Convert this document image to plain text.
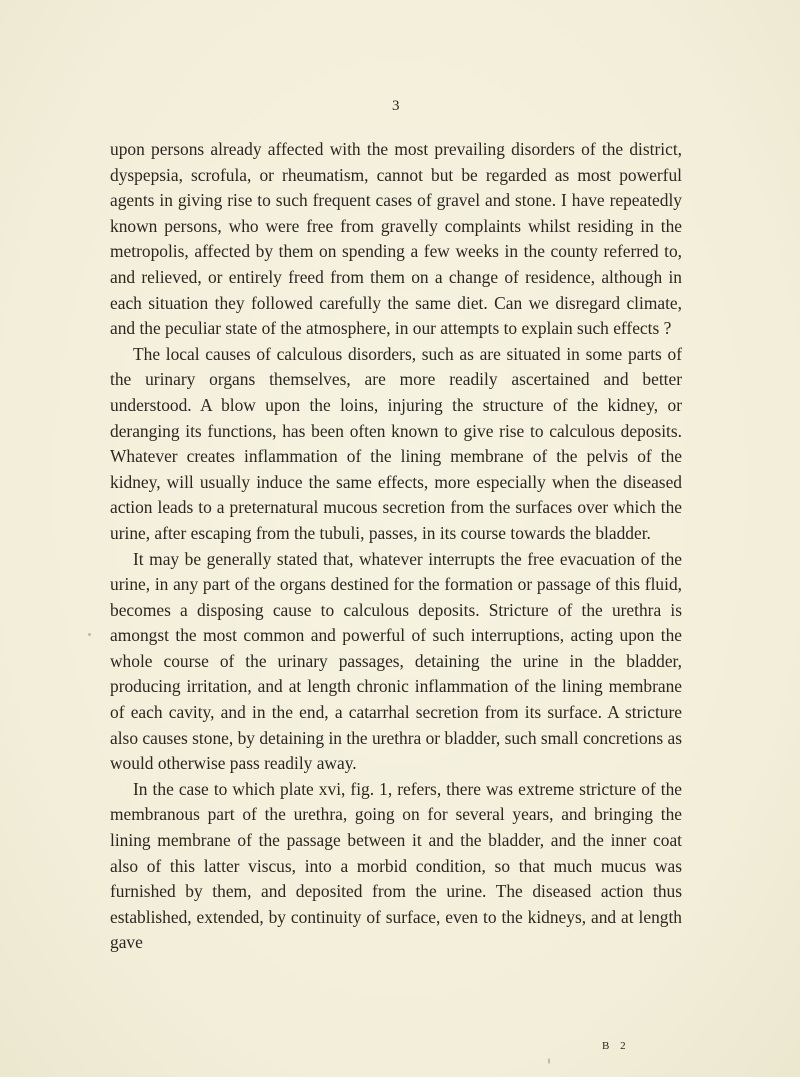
3

upon persons already affected with the most prevailing disorders of the district, dyspepsia, scrofula, or rheumatism, cannot but be regarded as most powerful agents in giving rise to such frequent cases of gravel and stone. I have repeatedly known persons, who were free from gravelly complaints whilst residing in the metropolis, affected by them on spending a few weeks in the county referred to, and relieved, or entirely freed from them on a change of residence, although in each situation they followed carefully the same diet. Can we disregard climate, and the peculiar state of the atmosphere, in our attempts to explain such effects ?

The local causes of calculous disorders, such as are situated in some parts of the urinary organs themselves, are more readily ascertained and better understood. A blow upon the loins, injuring the structure of the kidney, or deranging its functions, has been often known to give rise to calculous deposits. Whatever creates inflammation of the lining membrane of the pelvis of the kidney, will usually induce the same effects, more especially when the diseased action leads to a preternatural mucous secretion from the surfaces over which the urine, after escaping from the tubuli, passes, in its course towards the bladder.

It may be generally stated that, whatever interrupts the free evacuation of the urine, in any part of the organs destined for the formation or passage of this fluid, becomes a disposing cause to calculous deposits. Stricture of the urethra is amongst the most common and powerful of such interruptions, acting upon the whole course of the urinary passages, detaining the urine in the bladder, producing irritation, and at length chronic inflammation of the lining membrane of each cavity, and in the end, a catarrhal secretion from its surface. A stricture also causes stone, by detaining in the urethra or bladder, such small concretions as would otherwise pass readily away.

In the case to which plate xvi, fig. 1, refers, there was extreme stricture of the membranous part of the urethra, going on for several years, and bringing the lining membrane of the passage between it and the bladder, and the inner coat also of this latter viscus, into a morbid condition, so that much mucus was furnished by them, and deposited from the urine. The diseased action thus established, extended, by continuity of surface, even to the kidneys, and at length gave

B 2
